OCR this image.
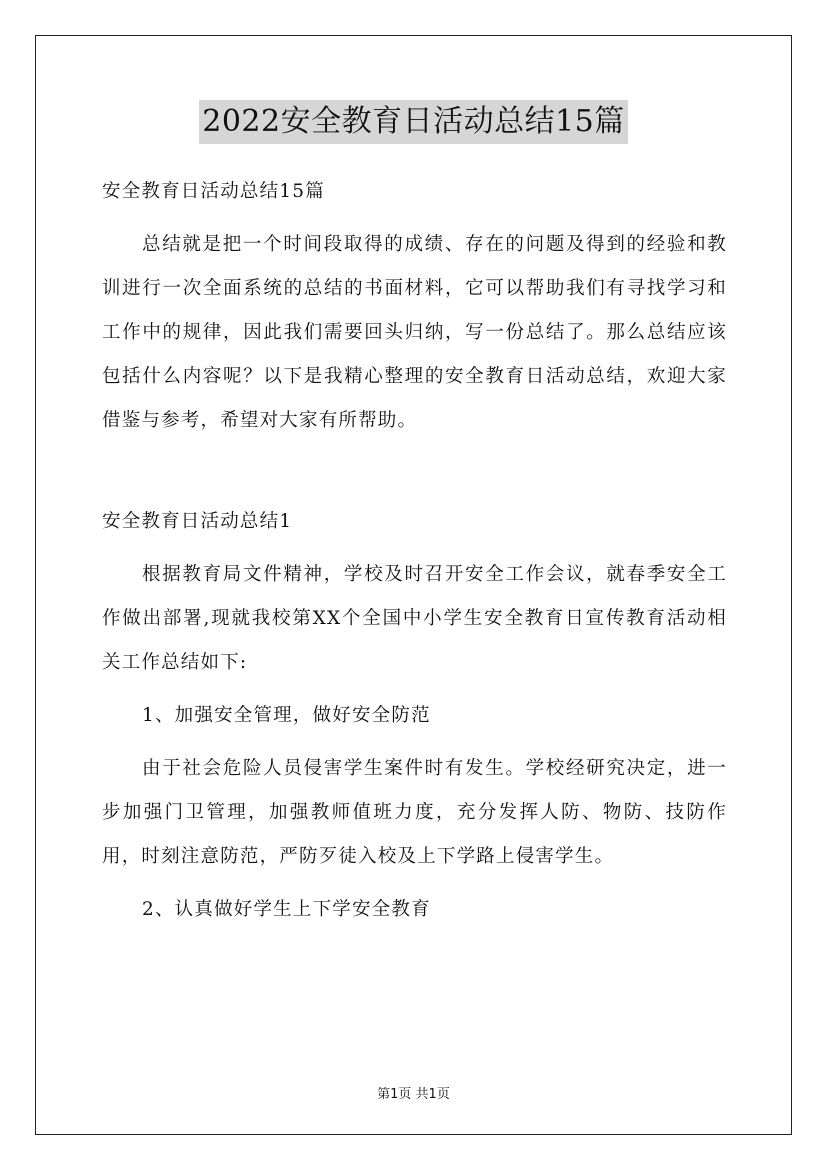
2022安全教育日活动总结15篇

安全教育日活动总结15篇

总结就是把一个时间段取得的成绩、存在的问题及得到的经验和教训进行一次全面系统的总结的书面材料，它可以帮助我们有寻找学习和工作中的规律，因此我们需要回头归纳，写一份总结了。那么总结应该包括什么内容呢？以下是我精心整理的安全教育日活动总结，欢迎大家借鉴与参考，希望对大家有所帮助。

安全教育日活动总结1

根据教育局文件精神，学校及时召开安全工作会议，就春季安全工作做出部署,现就我校第XX个全国中小学生安全教育日宣传教育活动相关工作总结如下:

1、加强安全管理，做好安全防范

由于社会危险人员侵害学生案件时有发生。学校经研究决定，进一步加强门卫管理，加强教师值班力度，充分发挥人防、物防、技防作用，时刻注意防范，严防歹徒入校及上下学路上侵害学生。

2、认真做好学生上下学安全教育

第1页 共1页
